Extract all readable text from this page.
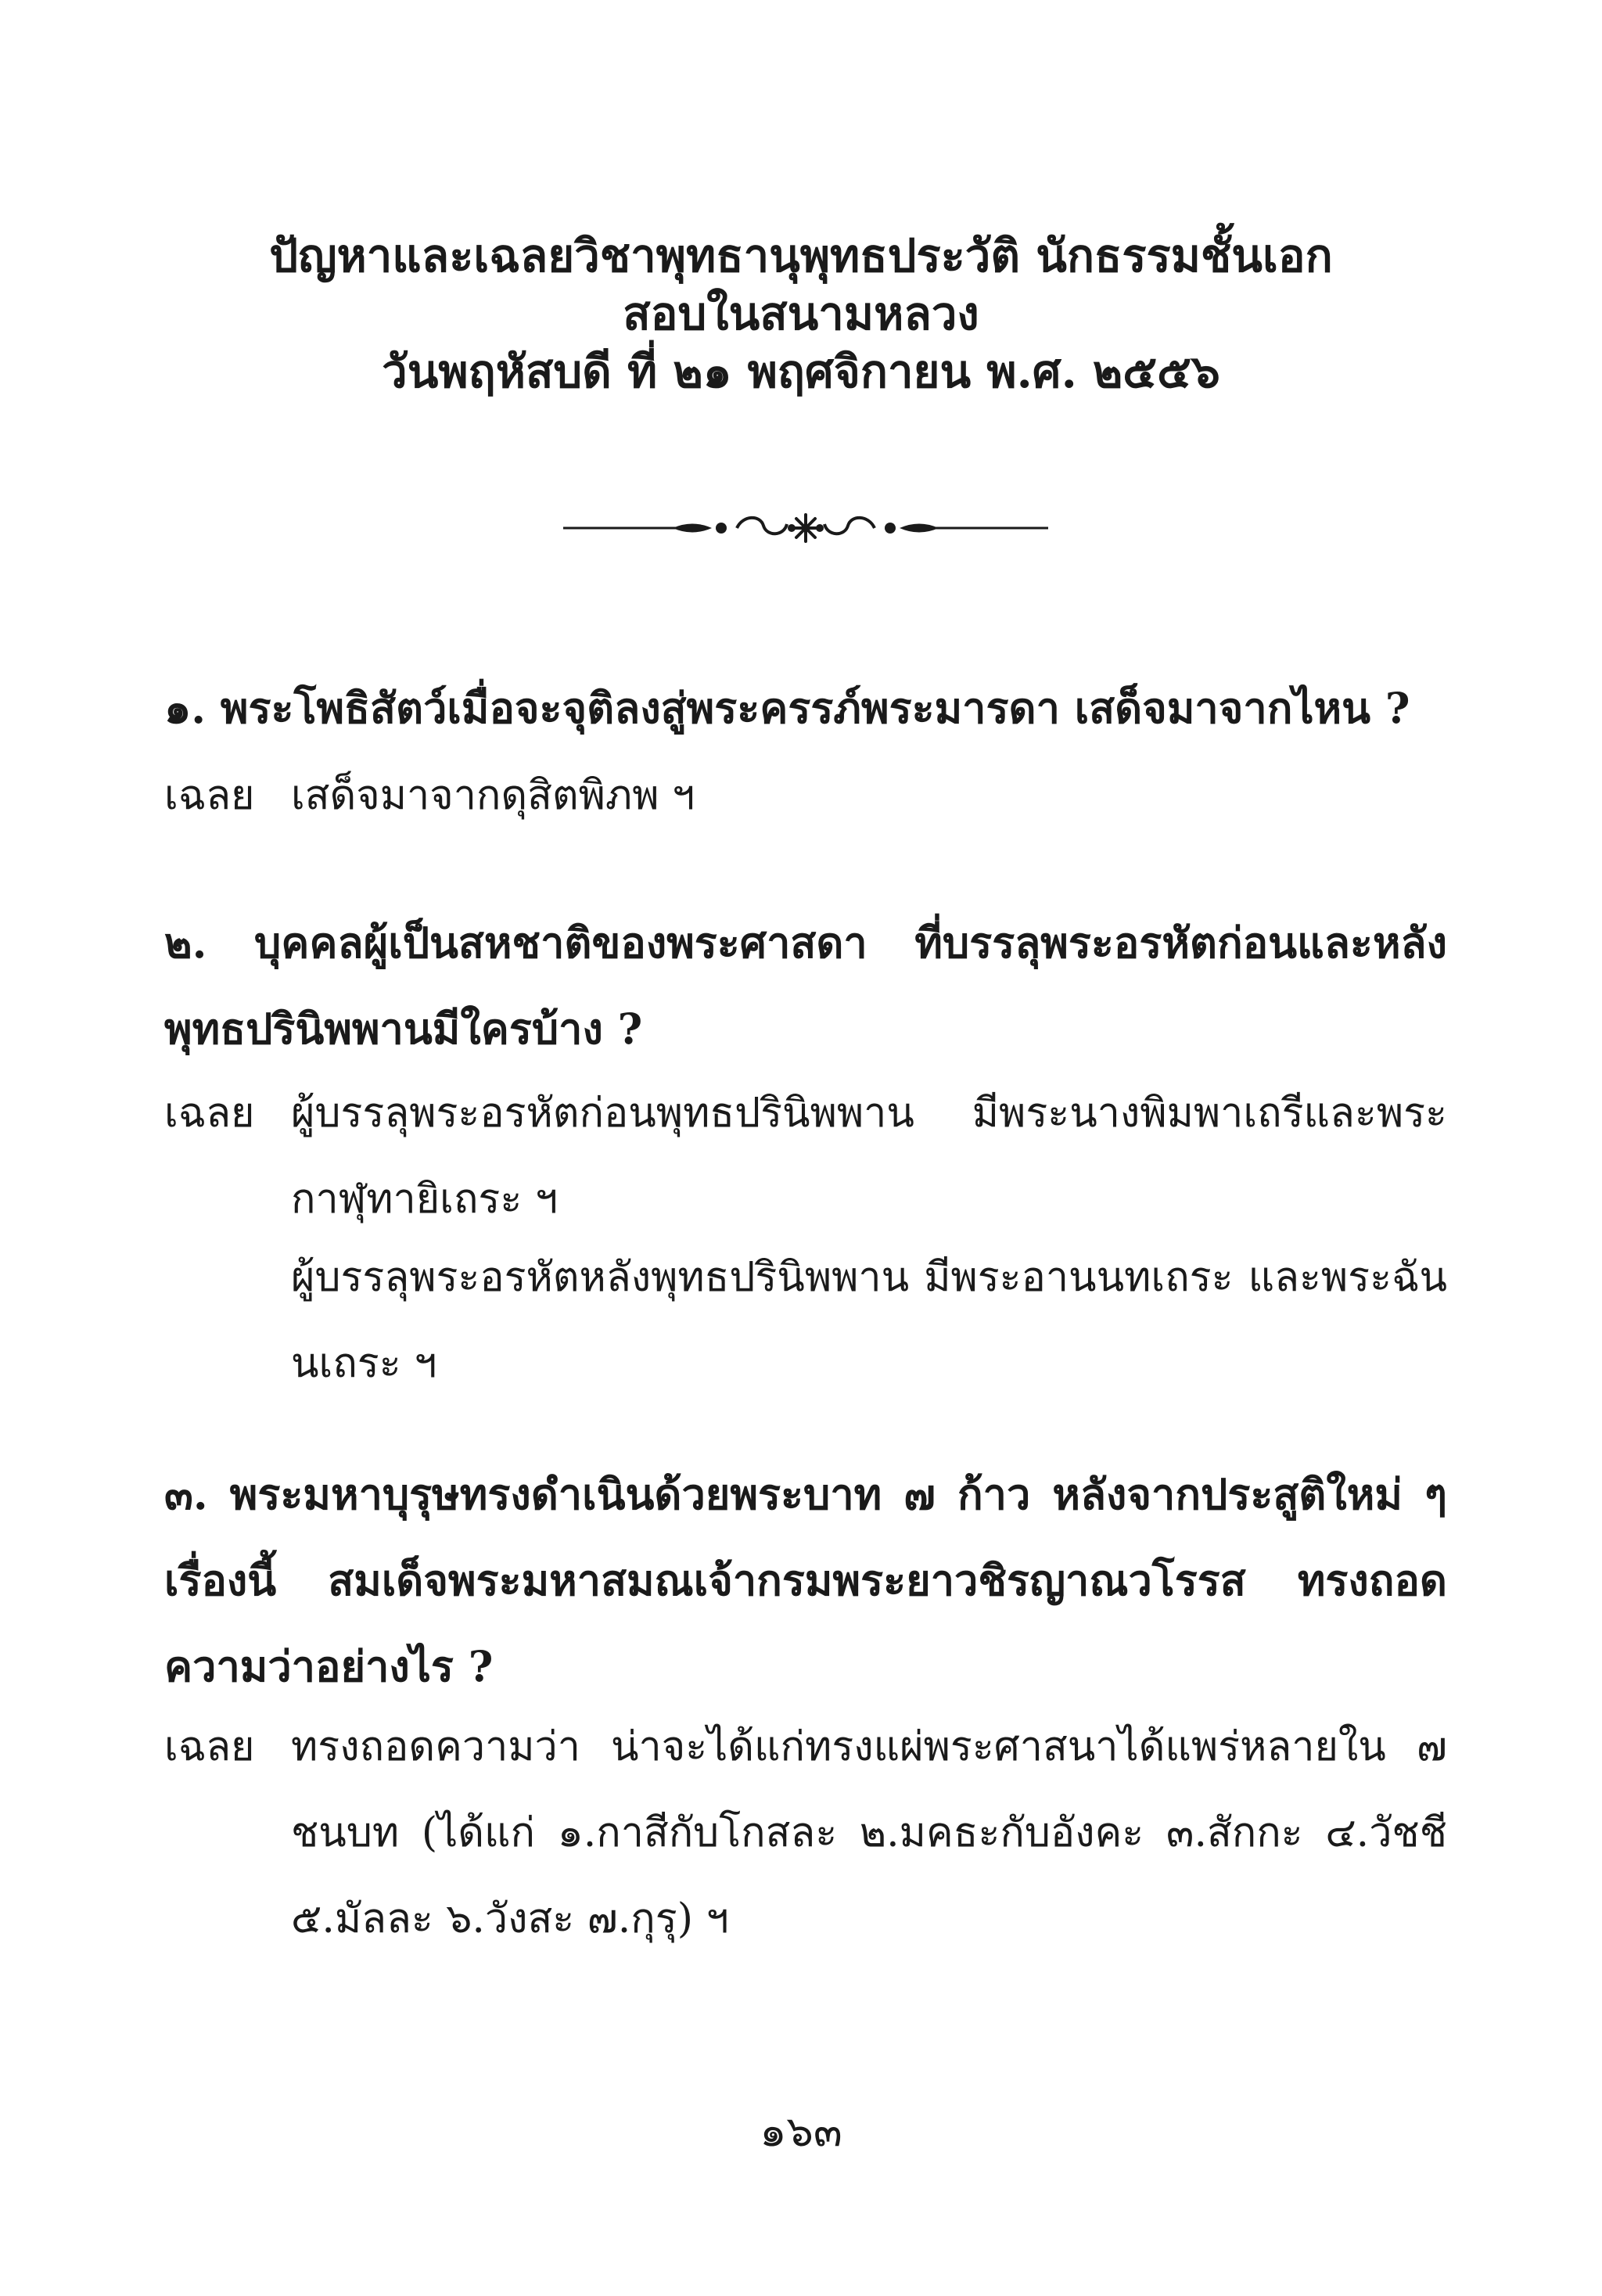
ปัญหาและเฉลยวิชาพุทธานุพุทธประวัติ นักธรรมชั้นเอก
สอบในสนามหลวง
วันพฤหัสบดี ที่ ๒๑ พฤศจิกายน พ.ศ. ๒๕๕๖
๑. พระโพธิสัตว์เมื่อจะจุติลงสู่พระครรภ์พระมารดา เสด็จมาจากไหน ?
เฉลย เสด็จมาจากดุสิตพิภพ ฯ
๒. บุคคลผู้เป็นสหชาติของพระศาสดา ที่บรรลุพระอรหัตก่อนและหลังพุทธปรินิพพานมีใครบ้าง ?
เฉลย ผู้บรรลุพระอรหัตก่อนพุทธปรินิพพาน มีพระนางพิมพาเถรีและพระกาฬุทายิเถระ ฯ
ผู้บรรลุพระอรหัตหลังพุทธปรินิพพาน มีพระอานนทเถระ และพระฉันนเถระ ฯ
๓. พระมหาบุรุษทรงดำเนินด้วยพระบาท ๗ ก้าว หลังจากประสูติใหม่ ๆ เรื่องนี้ สมเด็จพระมหาสมณเจ้ากรมพระยาวชิรญาณวโรรส ทรงถอดความว่าอย่างไร ?
เฉลย ทรงถอดความว่า น่าจะได้แก่ทรงแผ่พระศาสนาได้แพร่หลายใน ๗ ชนบท (ได้แก่ ๑.กาสีกับโกสละ ๒.มคธะกับอังคะ ๓.สักกะ ๔.วัชชี ๕.มัลละ ๖.วังสะ ๗.กุรุ) ฯ
๑๖๓
